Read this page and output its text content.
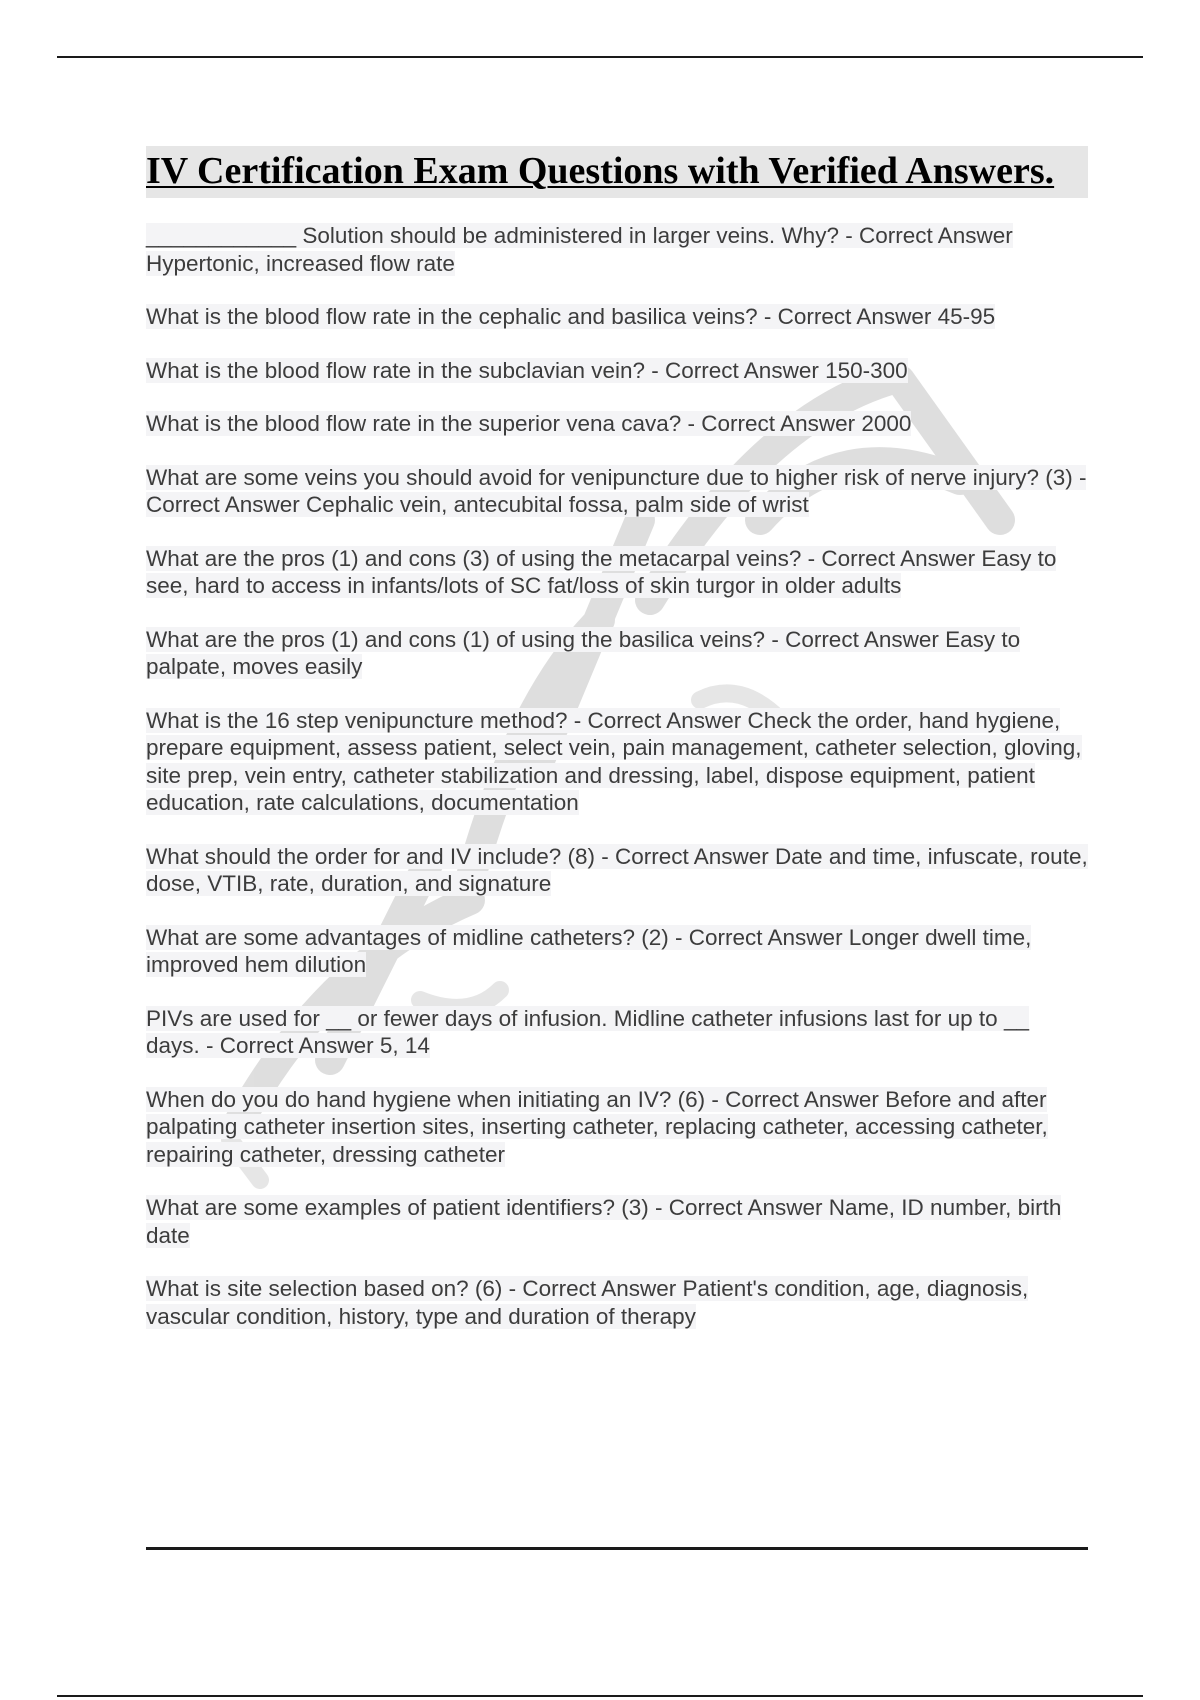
IV Certification Exam Questions with Verified Answers.

____________ Solution should be administered in larger veins. Why? - Correct Answer Hypertonic, increased flow rate

What is the blood flow rate in the cephalic and basilica veins? - Correct Answer 45-95

What is the blood flow rate in the subclavian vein? - Correct Answer 150-300

What is the blood flow rate in the superior vena cava? - Correct Answer 2000

What are some veins you should avoid for venipuncture due to higher risk of nerve injury? (3) - Correct Answer Cephalic vein, antecubital fossa, palm side of wrist

What are the pros (1) and cons (3) of using the metacarpal veins? - Correct Answer Easy to see, hard to access in infants/lots of SC fat/loss of skin turgor in older adults

What are the pros (1) and cons (1) of using the basilica veins? - Correct Answer Easy to palpate, moves easily

What is the 16 step venipuncture method? - Correct Answer Check the order, hand hygiene, prepare equipment, assess patient, select vein, pain management, catheter selection, gloving, site prep, vein entry, catheter stabilization and dressing, label, dispose equipment, patient education, rate calculations, documentation

What should the order for and IV include? (8) - Correct Answer Date and time, infuscate, route, dose, VTIB, rate, duration, and signature

What are some advantages of midline catheters? (2) - Correct Answer Longer dwell time, improved hem dilution

PIVs are used for __ or fewer days of infusion. Midline catheter infusions last for up to __ days. - Correct Answer 5, 14

When do you do hand hygiene when initiating an IV? (6) - Correct Answer Before and after palpating catheter insertion sites, inserting catheter, replacing catheter, accessing catheter, repairing catheter, dressing catheter

What are some examples of patient identifiers? (3) - Correct Answer Name, ID number, birth date

What is site selection based on? (6) - Correct Answer Patient's condition, age, diagnosis, vascular condition, history, type and duration of therapy
